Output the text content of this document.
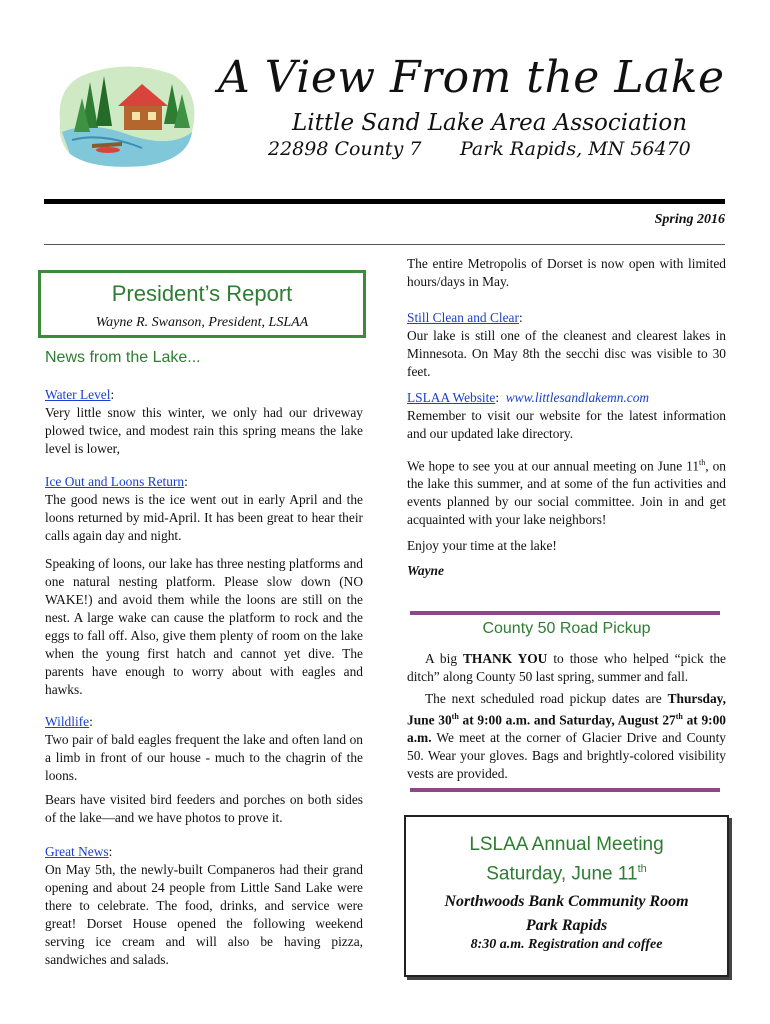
A View From the Lake
Little Sand Lake Area Association
22898 County 7 Park Rapids, MN 56470
Spring 2016
President’s Report
Wayne R. Swanson, President, LSLAA
News from the Lake...

Water Level:

Very little snow this winter, we only had our driveway plowed twice, and modest rain this spring means the lake level is lower,

Ice Out and Loons Return:

The good news is the ice went out in early April and the loons returned by mid-April. It has been great to hear their calls again day and night.

Speaking of loons, our lake has three nesting platforms and one natural nesting platform. Please slow down (NO WAKE!) and avoid them while the loons are still on the nest. A large wake can cause the platform to rock and the eggs to fall off. Also, give them plenty of room on the lake when the young first hatch and cannot yet dive. The parents have enough to worry about with eagles and hawks.

Wildlife:

Two pair of bald eagles frequent the lake and often land on a limb in front of our house - much to the chagrin of the loons.

Bears have visited bird feeders and porches on both sides of the lake—and we have photos to prove it.

Great News:

On May 5th, the newly-built Companeros had their grand opening and about 24 people from Little Sand Lake were there to celebrate. The food, drinks, and service were great! Dorset House opened the following weekend serving ice cream and will also be having pizza, sandwiches and salads.

The entire Metropolis of Dorset is now open with limited hours/days in May.

Still Clean and Clear:

Our lake is still one of the cleanest and clearest lakes in Minnesota. On May 8th the secchi disc was visible to 30 feet.

LSLAA Website:  www.littlesandlakemn.com

Remember to visit our website for the latest information and our updated lake directory.

We hope to see you at our annual meeting on June 11th, on the lake this summer, and at some of the fun activities and events planned by our social committee. Join in and get acquainted with your lake neighbors!
Enjoy your time at the lake!
Wayne
County 50 Road Pickup
A big THANK YOU to those who helped “pick the ditch” along County 50 last spring, summer and fall.
The next scheduled road pickup dates are Thursday, June 30th at 9:00 a.m. and Saturday, August 27th at 9:00 a.m. We meet at the corner of Glacier Drive and County 50. Wear your gloves. Bags and brightly-colored visibility vests are provided.
LSLAA Annual Meeting
Saturday, June 11th
Northwoods Bank Community Room
Park Rapids
8:30 a.m. Registration and coffee
